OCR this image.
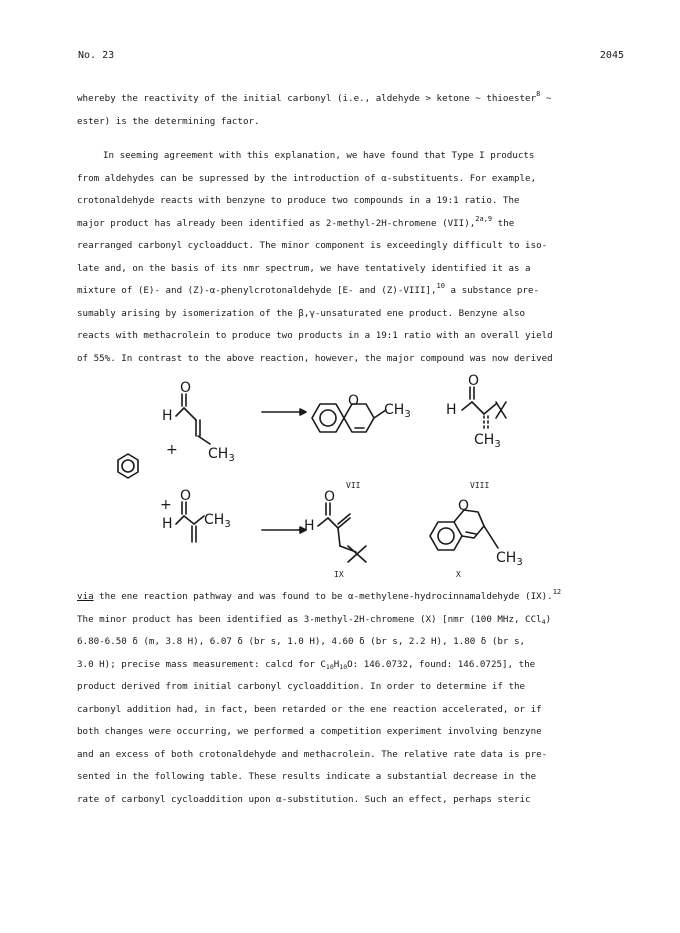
No. 23	2045

whereby the reactivity of the initial carbonyl (i.e., aldehyde > ketone ~ thioester$^8$ ~

ester) is the determining factor.

In seeming agreement with this explanation, we have found that Type I products

from aldehydes can be supressed by the introduction of α-substituents. For example,

crotonaldehyde reacts with benzyne to produce two compounds in a 19:1 ratio. The

major product has already been identified as 2-methyl-2H-chromene (VII),$^{2a,9}$ the

rearranged carbonyl cycloadduct. The minor component is exceedingly difficult to iso-

late and, on the basis of its nmr spectrum, we have tentatively identified it as a

mixture of (E)- and (Z)-α-phenylcrotonaldehyde [E- and (Z)-VIII],$^{10}$ a substance pre-

sumably arising by isomerization of the β,γ-unsaturated ene product. Benzyne also

reacts with methacrolein to produce two products in a 19:1 ratio with an overall yield

of 55%. In contrast to the above reaction, however, the major compound was now derived

O
H
$CH_3$
+
O
$CH_3$
O
H
$CH_3$
+
O
H $CH_3$
O
H
O
$CH_3$
VII	VIII
IX	X

via the ene reaction pathway and was found to be α-methylene-hydrocinnamaldehyde (IX).$^{12}$

The minor product has been identified as 3-methyl-2H-chromene (X) [nmr (100 MHz, CCl$_4$)

6.80-6.50 δ (m, 3.8 H), 6.07 δ (br s, 1.0 H), 4.60 δ (br s, 2.2 H), 1.80 δ (br s,

3.0 H); precise mass measurement: calcd for $C_{10}H_{10}O$: 146.0732, found: 146.0725], the

product derived from initial carbonyl cycloaddition. In order to determine if the

carbonyl addition had, in fact, been retarded or the ene reaction accelerated, or if

both changes were occurring, we performed a competition experiment involving benzyne

and an excess of both crotonaldehyde and methacrolein. The relative rate data is pre-

sented in the following table. These results indicate a substantial decrease in the

rate of carbonyl cycloaddition upon α-substitution. Such an effect, perhaps steric
